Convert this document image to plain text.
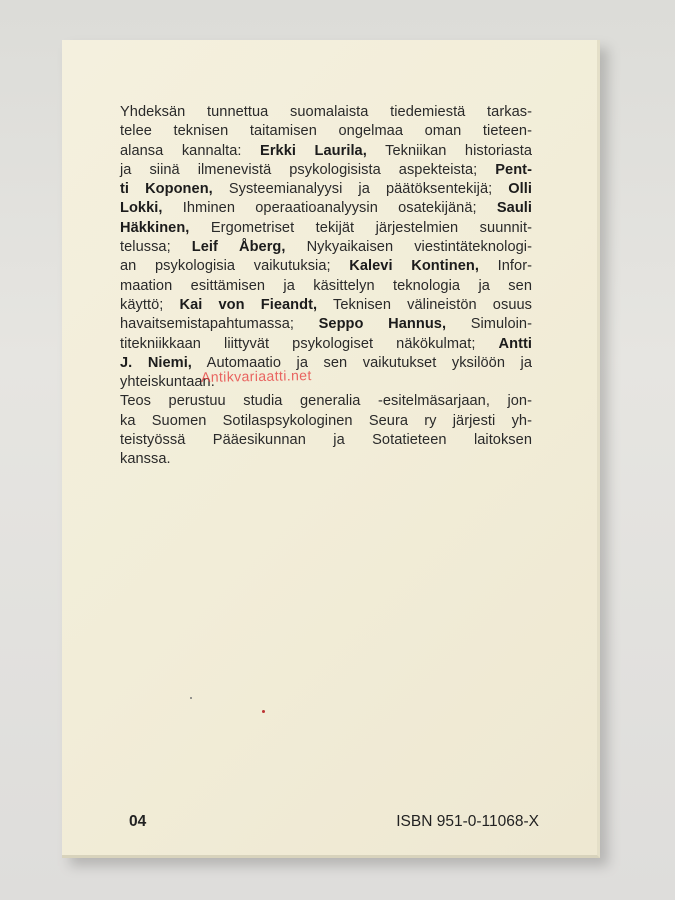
Yhdeksän tunnettua suomalaista tiedemiestä tarkas-
telee teknisen taitamisen ongelmaa oman tieteen-
alansa kannalta: Erkki Laurila, Tekniikan historiasta
ja siinä ilmenevistä psykologisista aspekteista; Pent-
ti Koponen, Systeemianalyysi ja päätöksentekijä; Olli
Lokki, Ihminen operaatioanalyysin osatekijänä; Sauli
Häkkinen, Ergometriset tekijät järjestelmien suunnit-
telussa; Leif Åberg, Nykyaikaisen viestintäteknologi-
an psykologisia vaikutuksia; Kalevi Kontinen, Infor-
maation esittämisen ja käsittelyn teknologia ja sen
käyttö; Kai von Fieandt, Teknisen välineistön osuus
havaitsemistapahtumassa; Seppo Hannus, Simuloin-
titekniikkaan liittyvät psykologiset näkökulmat; Antti
J. Niemi, Automaatio ja sen vaikutukset yksilöön ja
yhteiskuntaan.
Teos perustuu studia generalia -esitelmäsarjaan, jon-
ka Suomen Sotilaspsykologinen Seura ry järjesti yh-
teistyössä Pääesikunnan ja Sotatieteen laitoksen
kanssa.
04	ISBN 951-0-11068-X
Antikvariaatti.net
